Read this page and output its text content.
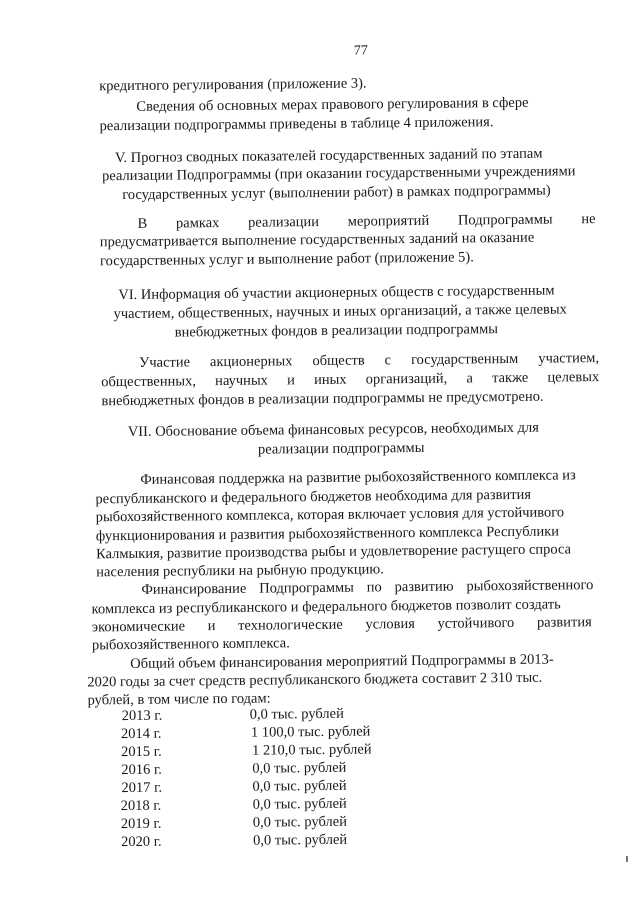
77
кредитного регулирования (приложение 3).
Сведения об основных мерах правового регулирования в сфере
реализации подпрограммы приведены в таблице 4 приложения.
V. Прогноз сводных показателей государственных заданий по этапам
реализации Подпрограммы (при оказании государственными учреждениями
государственных услуг (выполнении работ) в рамках подпрограммы)
В рамках реализации мероприятий Подпрограммы не
предусматривается выполнение государственных заданий на оказание
государственных услуг и выполнение работ (приложение 5).
VI. Информация об участии акционерных обществ с государственным
участием, общественных, научных и иных организаций, а также целевых
внебюджетных фондов в реализации подпрограммы
Участие акционерных обществ с государственным участием,
общественных, научных и иных организаций, а также целевых
внебюджетных фондов в реализации подпрограммы не предусмотрено.
VII. Обоснование объема финансовых ресурсов, необходимых для
реализации подпрограммы
Финансовая поддержка на развитие рыбохозяйственного комплекса из
республиканского и федерального бюджетов необходима для развития
рыбохозяйственного комплекса, которая включает условия для устойчивого
функционирования и развития рыбохозяйственного комплекса Республики
Калмыкия, развитие производства рыбы и удовлетворение растущего спроса
населения республики на рыбную продукцию.
Финансирование Подпрограммы по развитию рыбохозяйственного
комплекса из республиканского и федерального бюджетов позволит создать
экономические и технологические условия устойчивого развития
рыбохозяйственного комплекса.
Общий объем финансирования мероприятий Подпрограммы в 2013-
2020 годы за счет средств республиканского бюджета составит 2 310 тыс.
рублей, в том числе по годам:
2013 г.	0,0 тыс. рублей
2014 г.	1 100,0 тыс. рублей
2015 г.	1 210,0 тыс. рублей
2016 г.	0,0 тыс. рублей
2017 г.	0,0 тыс. рублей
2018 г.	0,0 тыс. рублей
2019 г.	0,0 тыс. рублей
2020 г.	0,0 тыс. рублей
